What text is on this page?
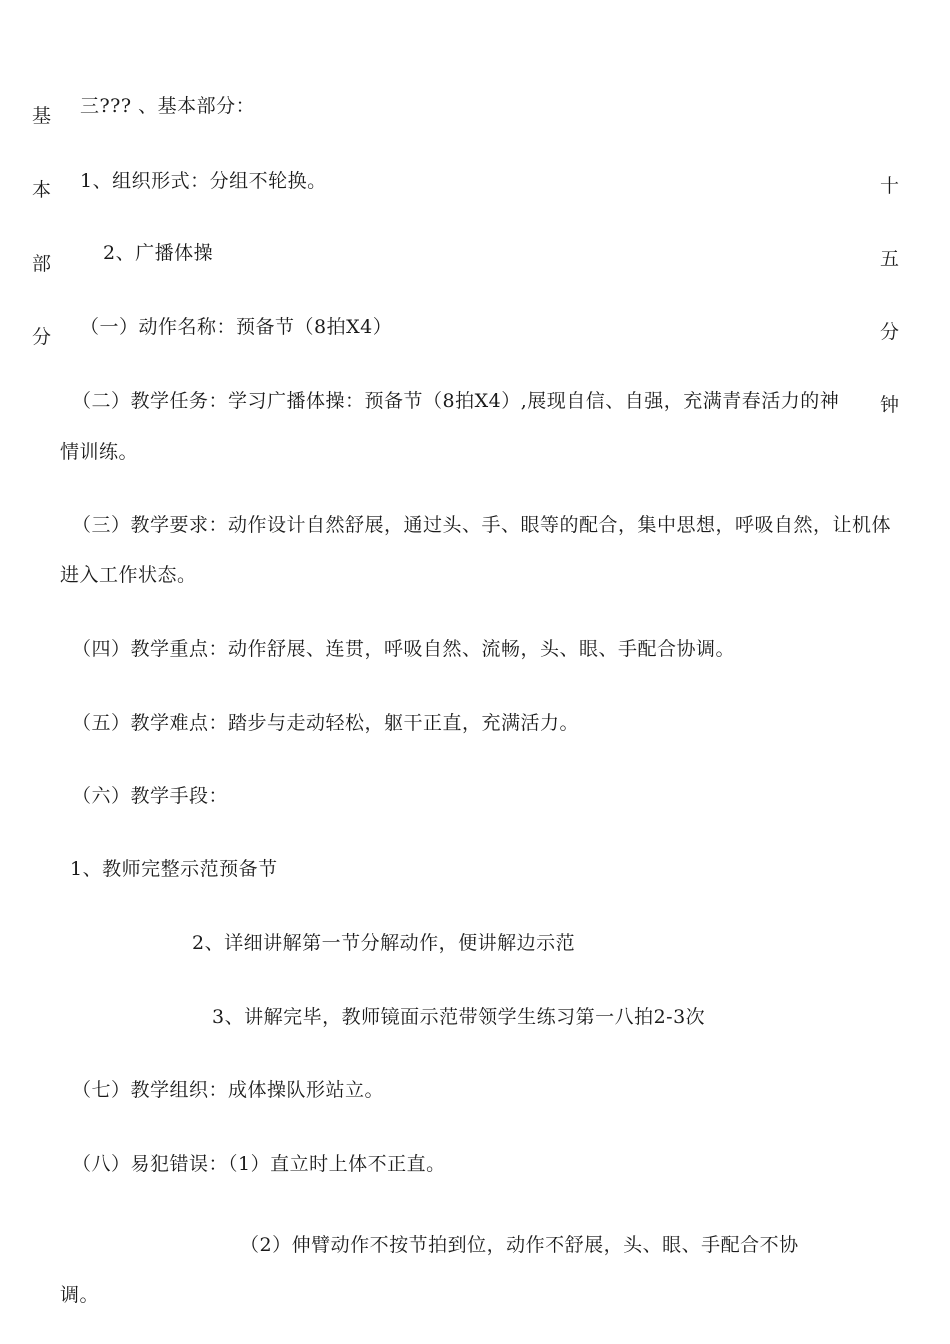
基
本
部
分
十
五
分
钟
三??? 、基本部分：
1、组织形式：分组不轮换。
2、广播体操
（一）动作名称：预备节（8拍X4）
（二）教学任务：学习广播体操：预备节（8拍X4）,展现自信、自强，充满青春活力的神
情训练。
（三）教学要求：动作设计自然舒展，通过头、手、眼等的配合，集中思想，呼吸自然，让机体
进入工作状态。
（四）教学重点：动作舒展、连贯，呼吸自然、流畅，头、眼、手配合协调。
（五）教学难点：踏步与走动轻松，躯干正直，充满活力。
（六）教学手段：
1、教师完整示范预备节
2、详细讲解第一节分解动作，便讲解边示范
3、讲解完毕，教师镜面示范带领学生练习第一八拍2-3次
（七）教学组织：成体操队形站立。
（八）易犯错误：（1）直立时上体不正直。
（2）伸臂动作不按节拍到位，动作不舒展，头、眼、手配合不协
调。
